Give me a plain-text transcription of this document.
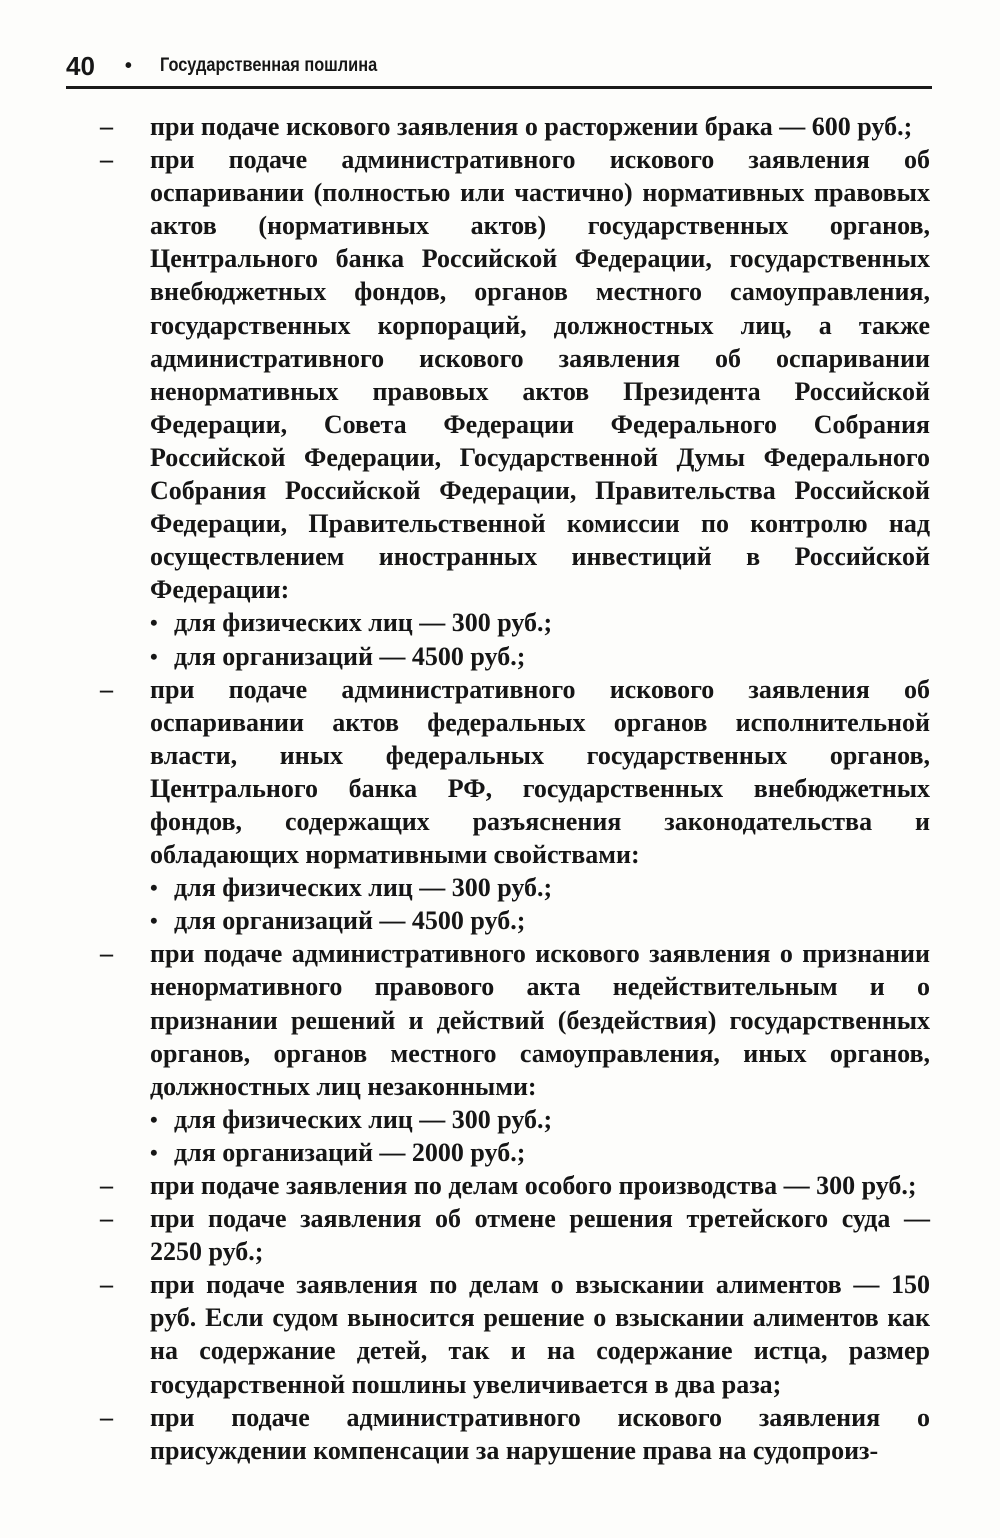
40 • Государственная пошлина
–	при подаче искового заявления о расторжении брака — 600 руб.;

–	при подаче административного искового заявления об оспаривании (полностью или частично) нормативных правовых актов (нормативных актов) государственных органов, Центрального банка Российской Федерации, государственных внебюджетных фондов, органов местного самоуправления, государственных корпораций, должностных лиц, а также административного искового заявления об оспаривании ненормативных правовых актов Президента Российской Федерации, Совета Федерации Федерального Собрания Российской Федерации, Государственной Думы Федерального Собрания Российской Федерации, Правительства Российской Федерации, Правительственной комиссии по контролю над осуществлением иностранных инвестиций в Российской Федерации:

• для физических лиц — 300 руб.;
• для организаций — 4500 руб.;
–	при подаче административного искового заявления об оспаривании актов федеральных органов исполнительной власти, иных федеральных государственных органов, Центрального банка РФ, государственных внебюджетных фондов, содержащих разъяснения законодательства и обладающих нормативными свойствами:

• для физических лиц — 300 руб.;
• для организаций — 4500 руб.;
–	при подаче административного искового заявления о признании ненормативного правового акта недействительным и о признании решений и действий (бездействия) государственных органов, органов местного самоуправления, иных органов, должностных лиц незаконными:

• для физических лиц — 300 руб.;
• для организаций — 2000 руб.;
–	при подаче заявления по делам особого производства — 300 руб.;

–	при подаче заявления об отмене решения третейского суда — 2250 руб.;

–	при подаче заявления по делам о взыскании алиментов — 150 руб. Если судом выносится решение о взыскании алиментов как на содержание детей, так и на содержание истца, размер государственной пошлины увеличивается в два раза;

–	при подаче административного искового заявления о присуждении компенсации за нарушение права на судопроиз-
